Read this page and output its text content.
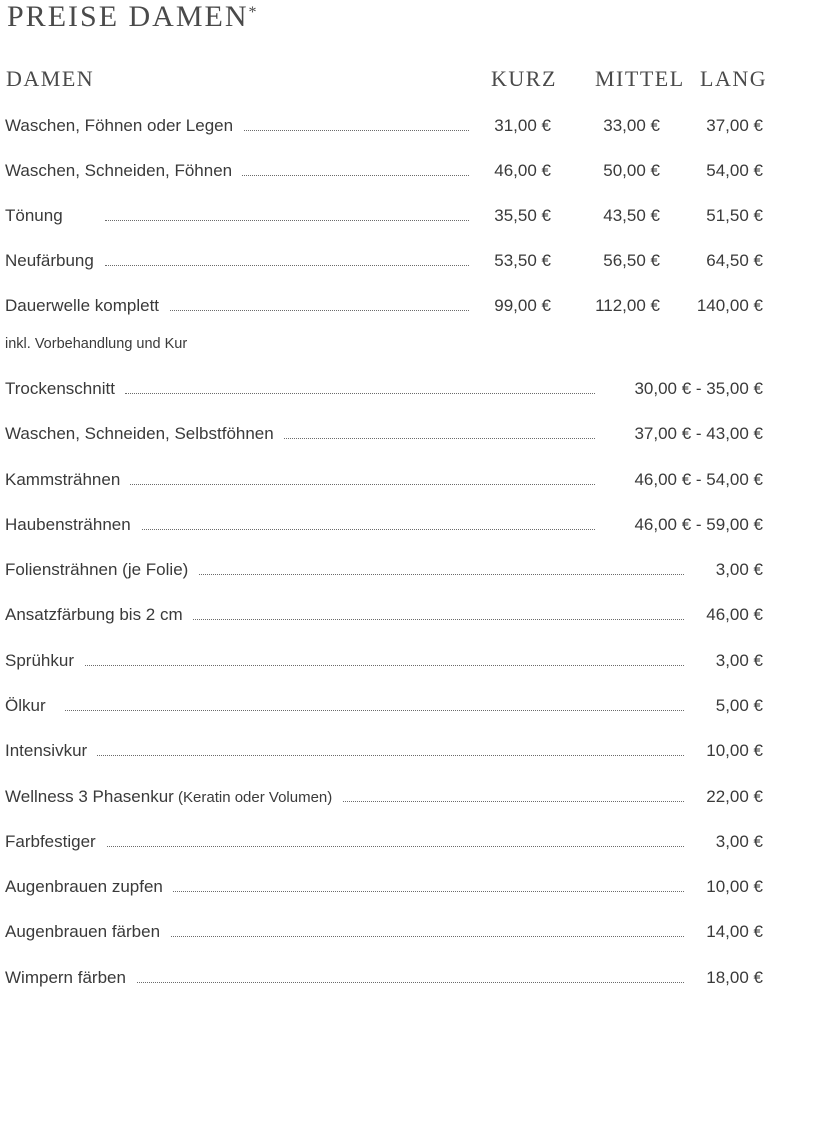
PREISE DAMEN*
DAMEN	KURZ MITTEL LANG
Waschen, Föhnen oder Legen	31,00 €	33,00 €	37,00 €
Waschen, Schneiden, Föhnen	46,00 €	50,00 €	54,00 €
Tönung	35,50 €	43,50 €	51,50 €
Neufärbung	53,50 €	56,50 €	64,50 €
Dauerwelle komplett	99,00 €	112,00 € 140,00 €
Trockenschnitt	30,00 € - 35,00 €
Waschen, Schneiden, Selbstföhnen	37,00 € - 43,00 €
Kammsträhnen	46,00 € - 54,00 €
Haubensträhnen	46,00 € - 59,00 €
Foliensträhnen (je Folie)	3,00 €
Ansatzfärbung bis 2 cm	46,00 €
Sprühkur	3,00 €
Ölkur	5,00 €
Intensivkur	10,00 €
Wellness 3 Phasenkur (Keratin oder Volumen)	22,00 €
Farbfestiger	3,00 €
Augenbrauen zupfen	10,00 €
Augenbrauen färben	14,00 €
Wimpern färben	18,00 €
inkl. Vorbehandlung und Kur
